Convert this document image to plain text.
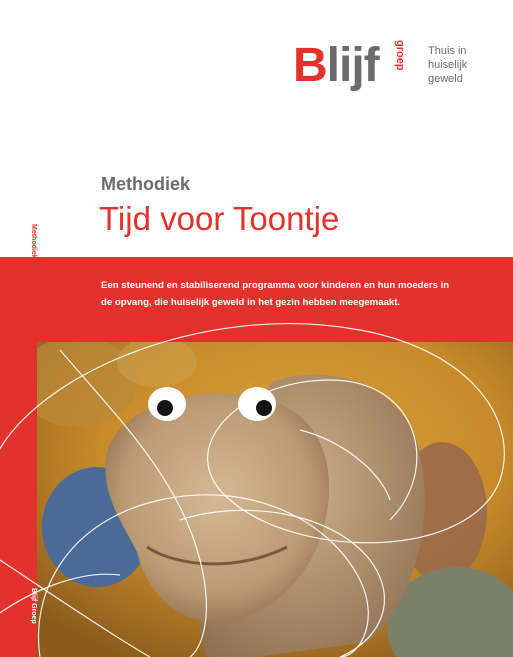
Blijf groep Thuis in
huiselijk
geweld
Methodiek
Tijd voor Toontje
Een steunend en stabiliserend programma voor kinderen en hun moeders in de opvang, die huiselijk geweld in het gezin hebben meegemaakt.
Methodiek Tijd voor Toontje
Blijf Groep
